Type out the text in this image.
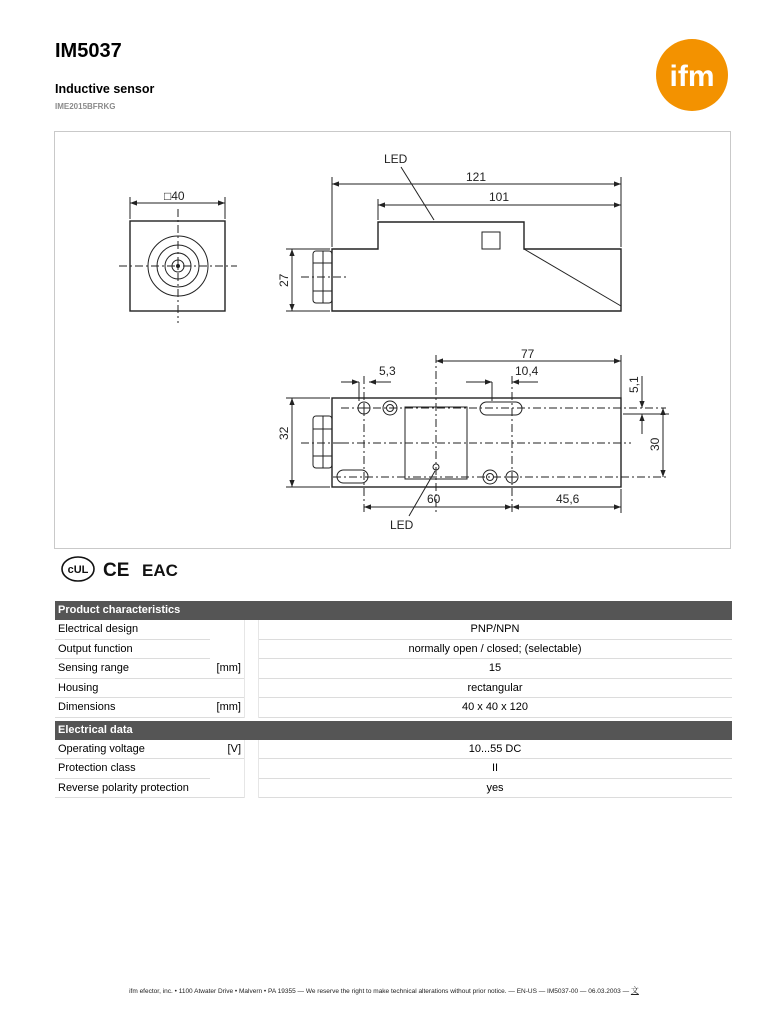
IM5037
Inductive sensor
IME2015BFRKG
ifm
□40
121
101
27
LED
77
5,3	10,4
32
5,1
30
60	45,6
LED
cUL CE EAC
Product characteristics
Electrical design	PNP/NPN
Output function	normally open / closed; (selectable)
Sensing range	[mm]	15
Housing	rectangular
Dimensions	[mm]	40 x 40 x 120
Electrical data
Operating voltage	[V]	10...55 DC
Protection class	II
Reverse polarity protection	yes
ifm efector, inc. • 1100 Atwater Drive • Malvern • PA 19355 — We reserve the right to make technical alterations without prior notice. — EN-US — IM5037-00 — 06.03.2003 — 文
